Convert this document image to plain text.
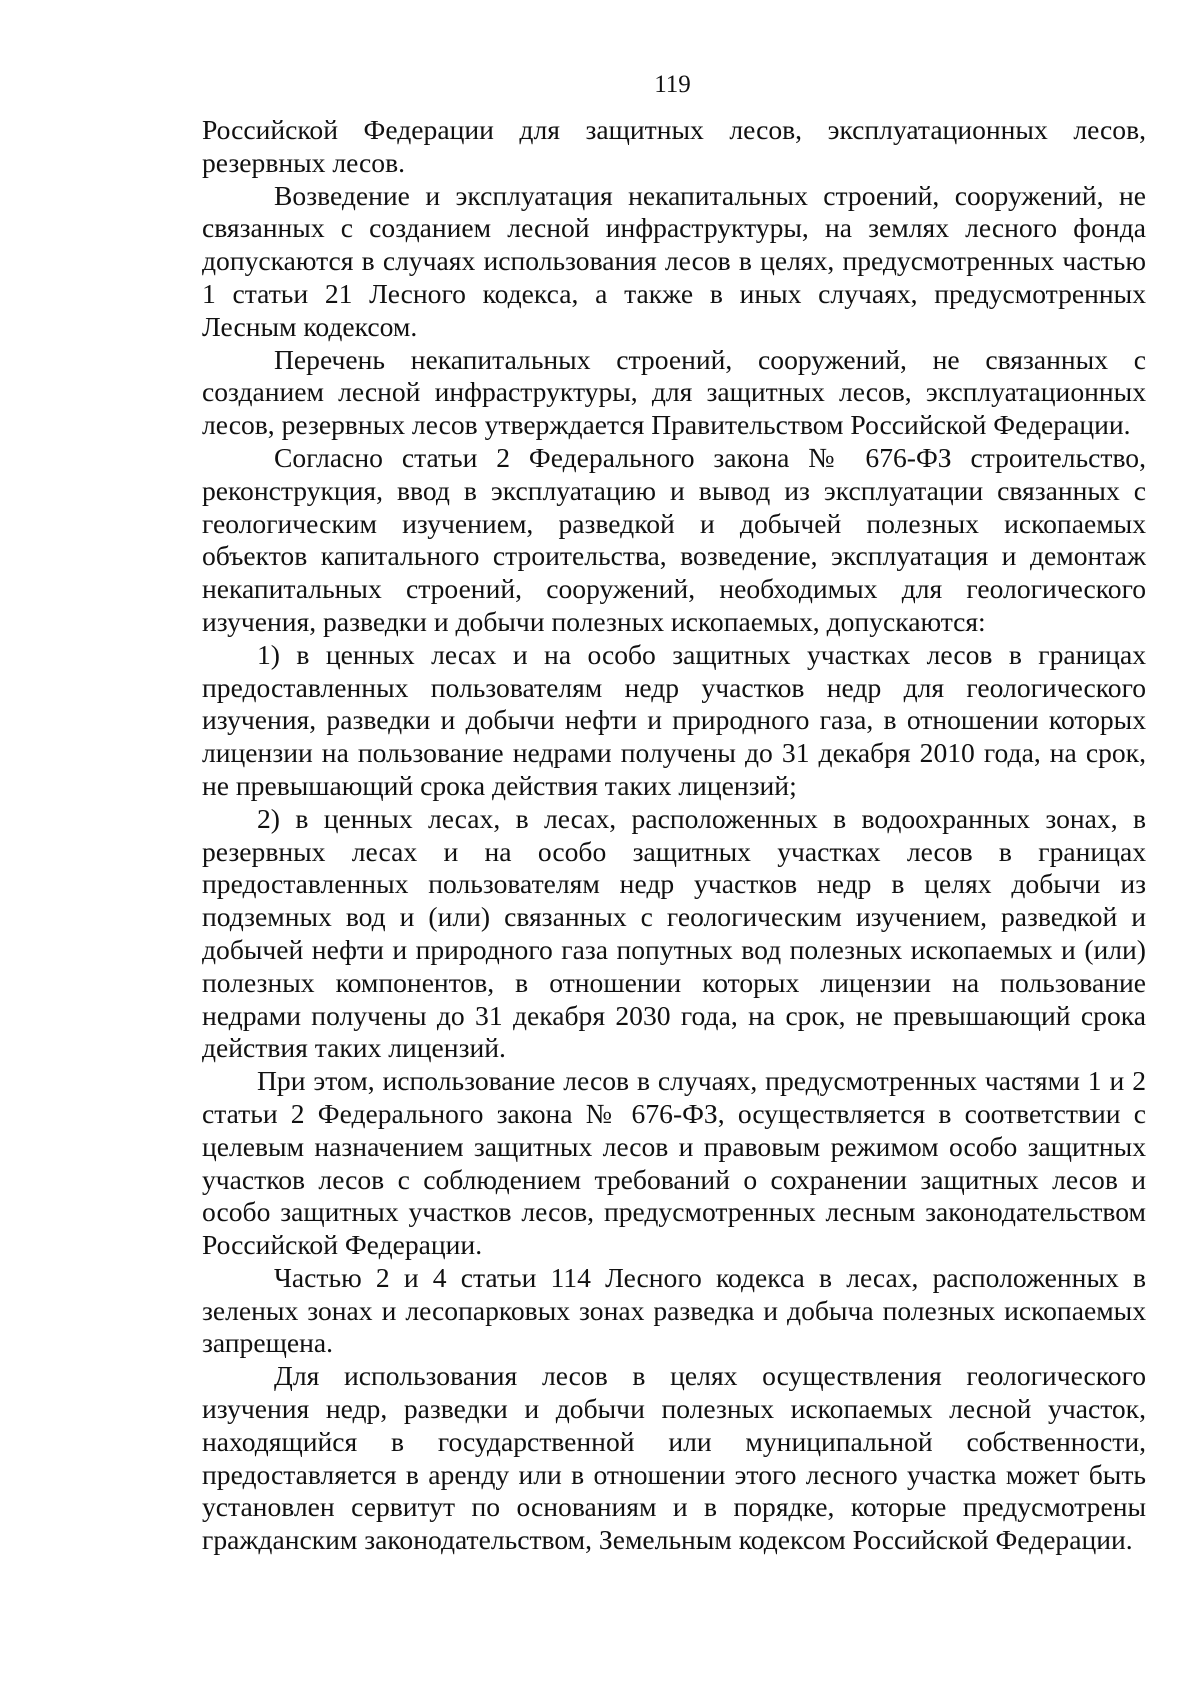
119

Российской Федерации для защитных лесов, эксплуатационных лесов, резервных лесов.

Возведение и эксплуатация некапитальных строений, сооружений, не связанных с созданием лесной инфраструктуры, на землях лесного фонда допускаются в случаях использования лесов в целях, предусмотренных частью 1 статьи 21 Лесного кодекса, а также в иных случаях, предусмотренных Лесным кодексом.

Перечень некапитальных строений, сооружений, не связанных с созданием лесной инфраструктуры, для защитных лесов, эксплуатационных лесов, резервных лесов утверждается Правительством Российской Федерации.

Согласно статьи 2 Федерального закона № 676-ФЗ строительство, реконструкция, ввод в эксплуатацию и вывод из эксплуатации связанных с геологическим изучением, разведкой и добычей полезных ископаемых объектов капитального строительства, возведение, эксплуатация и демонтаж некапитальных строений, сооружений, необходимых для геологического изучения, разведки и добычи полезных ископаемых, допускаются:

1) в ценных лесах и на особо защитных участках лесов в границах предоставленных пользователям недр участков недр для геологического изучения, разведки и добычи нефти и природного газа, в отношении которых лицензии на пользование недрами получены до 31 декабря 2010 года, на срок, не превышающий срока действия таких лицензий;

2) в ценных лесах, в лесах, расположенных в водоохранных зонах, в резервных лесах и на особо защитных участках лесов в границах предоставленных пользователям недр участков недр в целях добычи из подземных вод и (или) связанных с геологическим изучением, разведкой и добычей нефти и природного газа попутных вод полезных ископаемых и (или) полезных компонентов, в отношении которых лицензии на пользование недрами получены до 31 декабря 2030 года, на срок, не превышающий срока действия таких лицензий.

При этом, использование лесов в случаях, предусмотренных частями 1 и 2 статьи 2 Федерального закона № 676-ФЗ, осуществляется в соответствии с целевым назначением защитных лесов и правовым режимом особо защитных участков лесов с соблюдением требований о сохранении защитных лесов и особо защитных участков лесов, предусмотренных лесным законодательством Российской Федерации.

Частью 2 и 4 статьи 114 Лесного кодекса в лесах, расположенных в зеленых зонах и лесопарковых зонах разведка и добыча полезных ископаемых запрещена.

Для использования лесов в целях осуществления геологического изучения недр, разведки и добычи полезных ископаемых лесной участок, находящийся в государственной или муниципальной собственности, предоставляется в аренду или в отношении этого лесного участка может быть установлен сервитут по основаниям и в порядке, которые предусмотрены гражданским законодательством, Земельным кодексом Российской Федерации.
